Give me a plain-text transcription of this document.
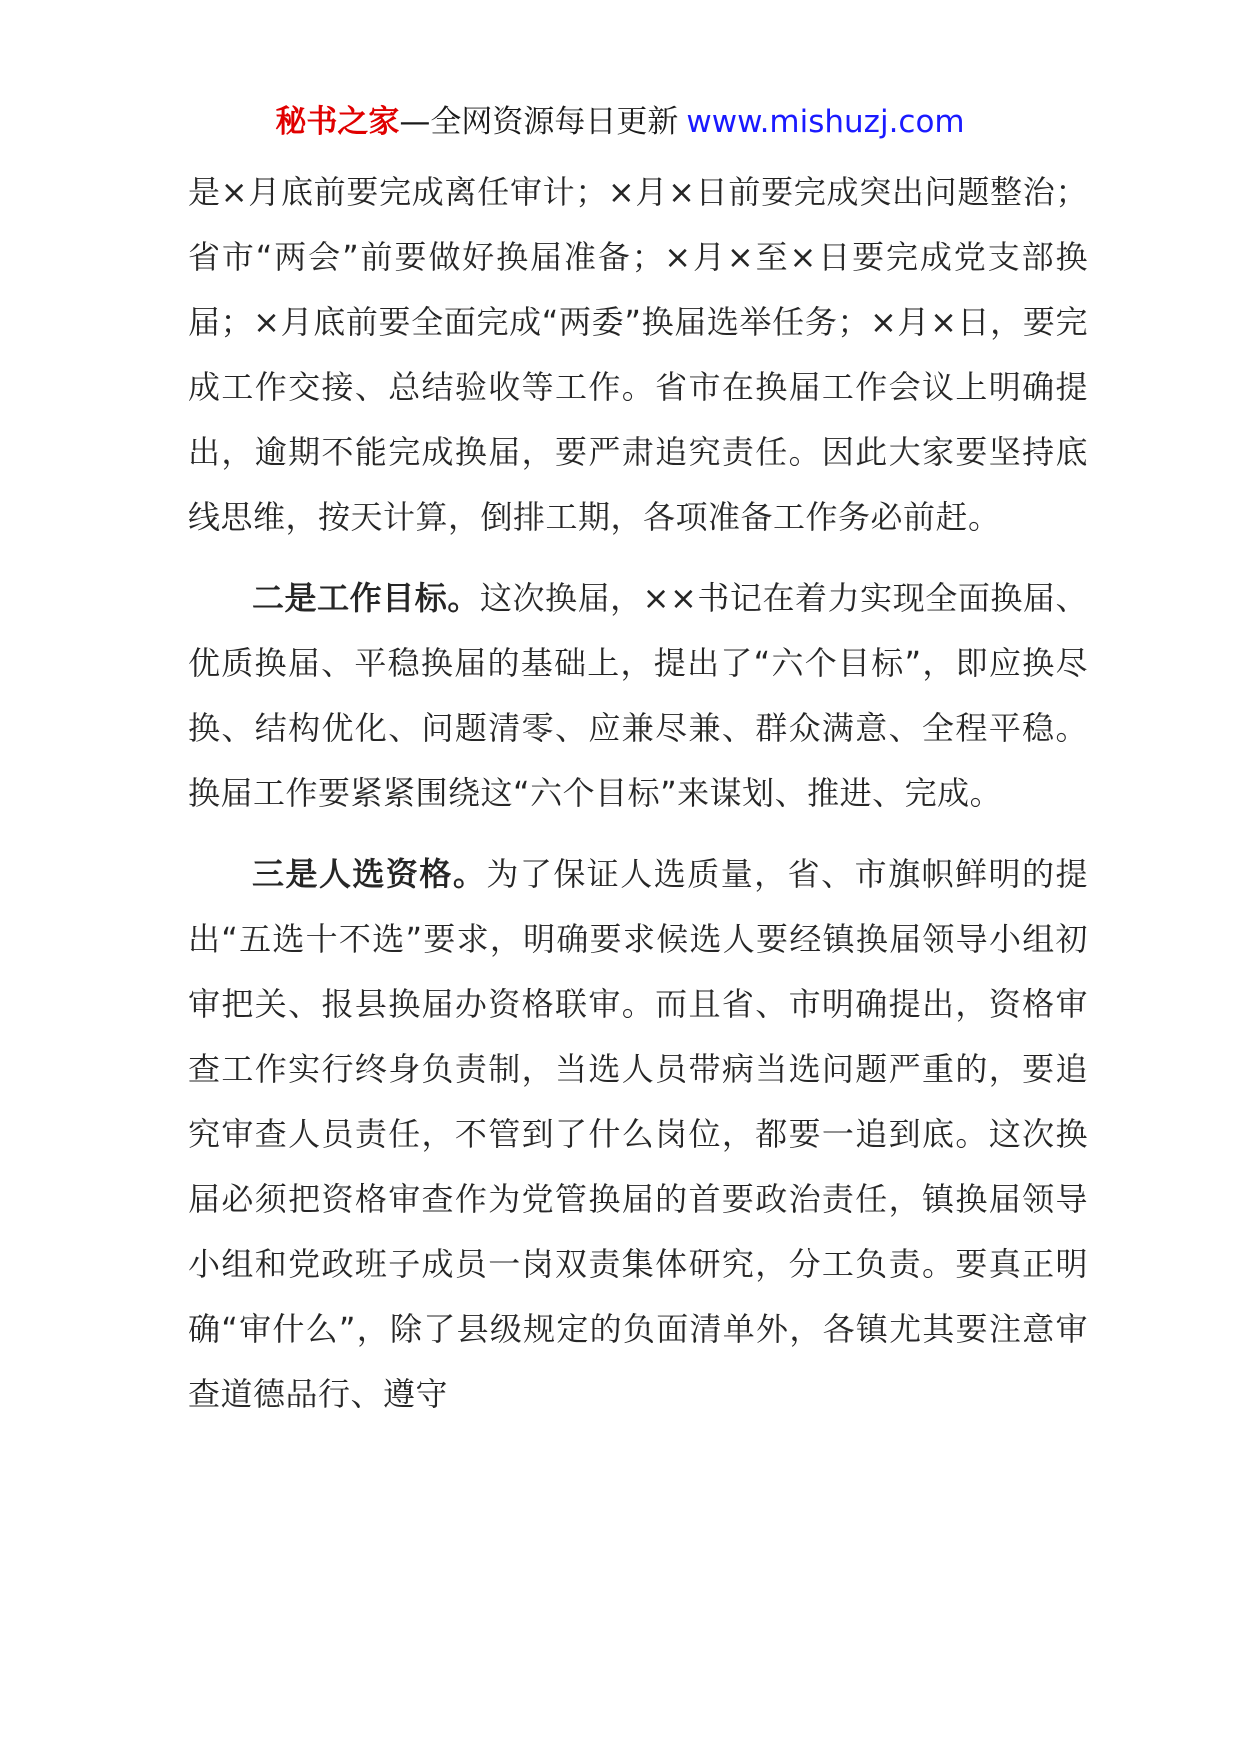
秘书之家—全网资源每日更新 www.mishuzj.com

是×月底前要完成离任审计；×月×日前要完成突出问题整治；省市“两会”前要做好换届准备；×月×至×日要完成党支部换届；×月底前要全面完成“两委”换届选举任务；×月×日，要完成工作交接、总结验收等工作。省市在换届工作会议上明确提出，逾期不能完成换届，要严肃追究责任。因此大家要坚持底线思维，按天计算，倒排工期，各项准备工作务必前赶。

二是工作目标。这次换届，××书记在着力实现全面换届、优质换届、平稳换届的基础上，提出了“六个目标”，即应换尽换、结构优化、问题清零、应兼尽兼、群众满意、全程平稳。换届工作要紧紧围绕这“六个目标”来谋划、推进、完成。

三是人选资格。为了保证人选质量，省、市旗帜鲜明的提出“五选十不选”要求，明确要求候选人要经镇换届领导小组初审把关、报县换届办资格联审。而且省、市明确提出，资格审查工作实行终身负责制，当选人员带病当选问题严重的，要追究审查人员责任，不管到了什么岗位，都要一追到底。这次换届必须把资格审查作为党管换届的首要政治责任，镇换届领导小组和党政班子成员一岗双责集体研究，分工负责。要真正明确“审什么”，除了县级规定的负面清单外，各镇尤其要注意审查道德品行、遵守
